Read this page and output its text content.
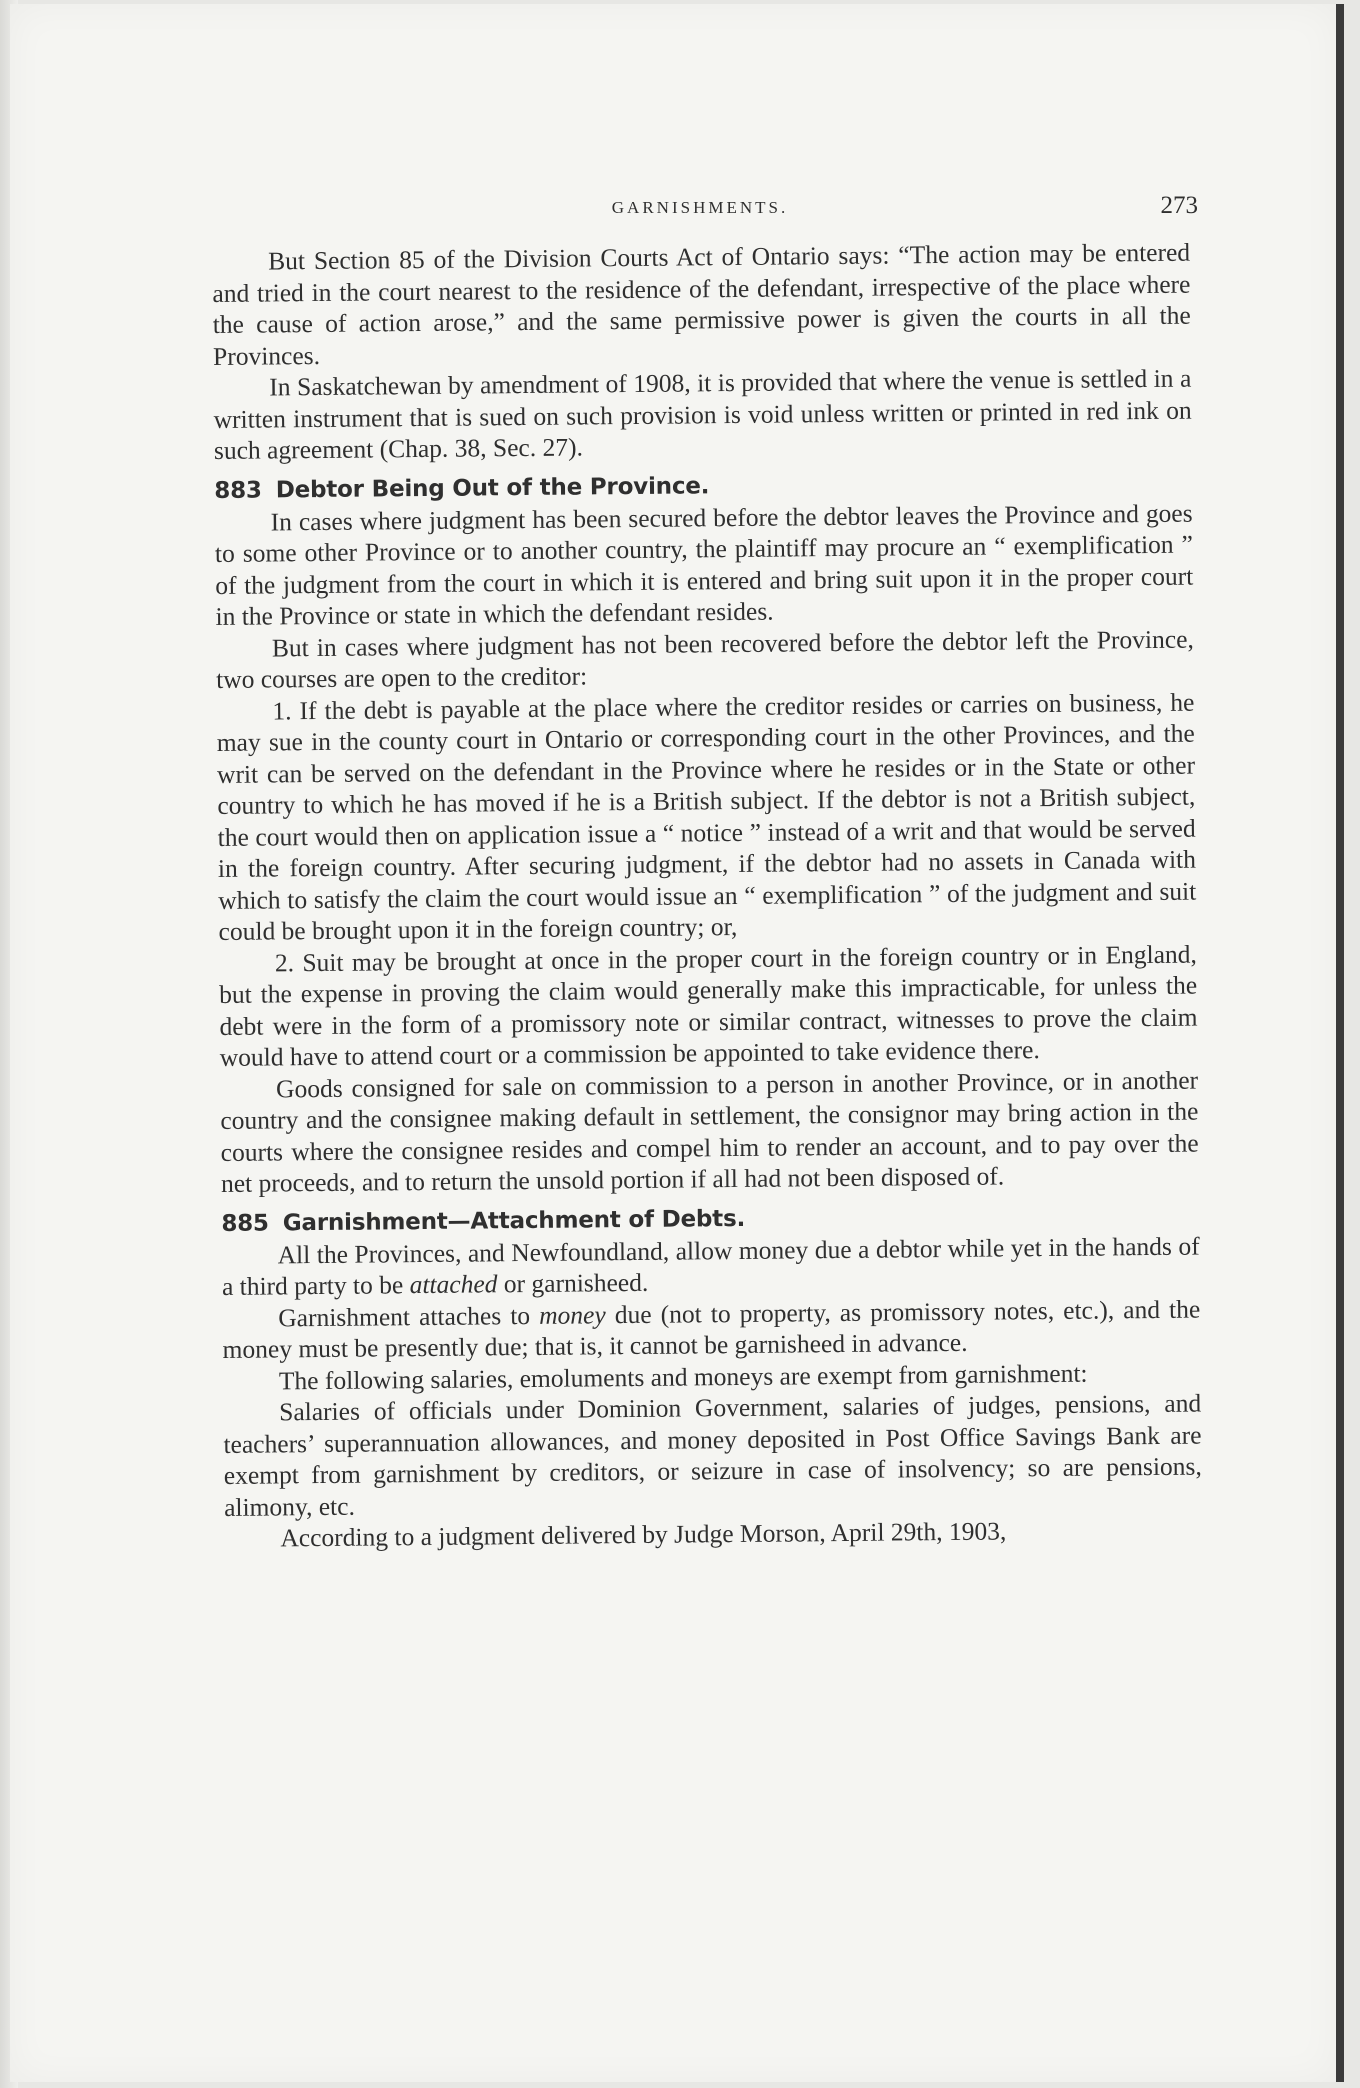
GARNISHMENTS.	273

But Section 85 of the Division Courts Act of Ontario says: “The action may be entered and tried in the court nearest to the residence of the defendant, irrespective of the place where the cause of action arose,” and the same permissive power is given the courts in all the Provinces.

In Saskatchewan by amendment of 1908, it is provided that where the venue is settled in a written instrument that is sued on such provision is void unless written or printed in red ink on such agreement (Chap. 38, Sec. 27).

883 Debtor Being Out of the Province.

In cases where judgment has been secured before the debtor leaves the Province and goes to some other Province or to another country, the plaintiff may procure an “ exemplification ” of the judgment from the court in which it is entered and bring suit upon it in the proper court in the Province or state in which the defendant resides.

But in cases where judgment has not been recovered before the debtor left the Province, two courses are open to the creditor:

1. If the debt is payable at the place where the creditor resides or carries on business, he may sue in the county court in Ontario or corresponding court in the other Provinces, and the writ can be served on the defendant in the Province where he resides or in the State or other country to which he has moved if he is a British subject. If the debtor is not a British subject, the court would then on application issue a “ notice ” instead of a writ and that would be served in the foreign country. After securing judgment, if the debtor had no assets in Canada with which to satisfy the claim the court would issue an “ exemplification ” of the judgment and suit could be brought upon it in the foreign country; or,

2. Suit may be brought at once in the proper court in the foreign country or in England, but the expense in proving the claim would generally make this impracticable, for unless the debt were in the form of a promissory note or similar contract, witnesses to prove the claim would have to attend court or a commission be appointed to take evidence there.

Goods consigned for sale on commission to a person in another Province, or in another country and the consignee making default in settlement, the consignor may bring action in the courts where the consignee resides and compel him to render an account, and to pay over the net proceeds, and to return the unsold portion if all had not been disposed of.

885 Garnishment—Attachment of Debts.

All the Provinces, and Newfoundland, allow money due a debtor while yet in the hands of a third party to be attached or garnisheed.

Garnishment attaches to money due (not to property, as promissory notes, etc.), and the money must be presently due; that is, it cannot be garnisheed in advance.

The following salaries, emoluments and moneys are exempt from garnishment:

Salaries of officials under Dominion Government, salaries of judges, pensions, and teachers’ superannuation allowances, and money deposited in Post Office Savings Bank are exempt from garnishment by creditors, or seizure in case of insolvency; so are pensions, alimony, etc.

According to a judgment delivered by Judge Morson, April 29th, 1903,
